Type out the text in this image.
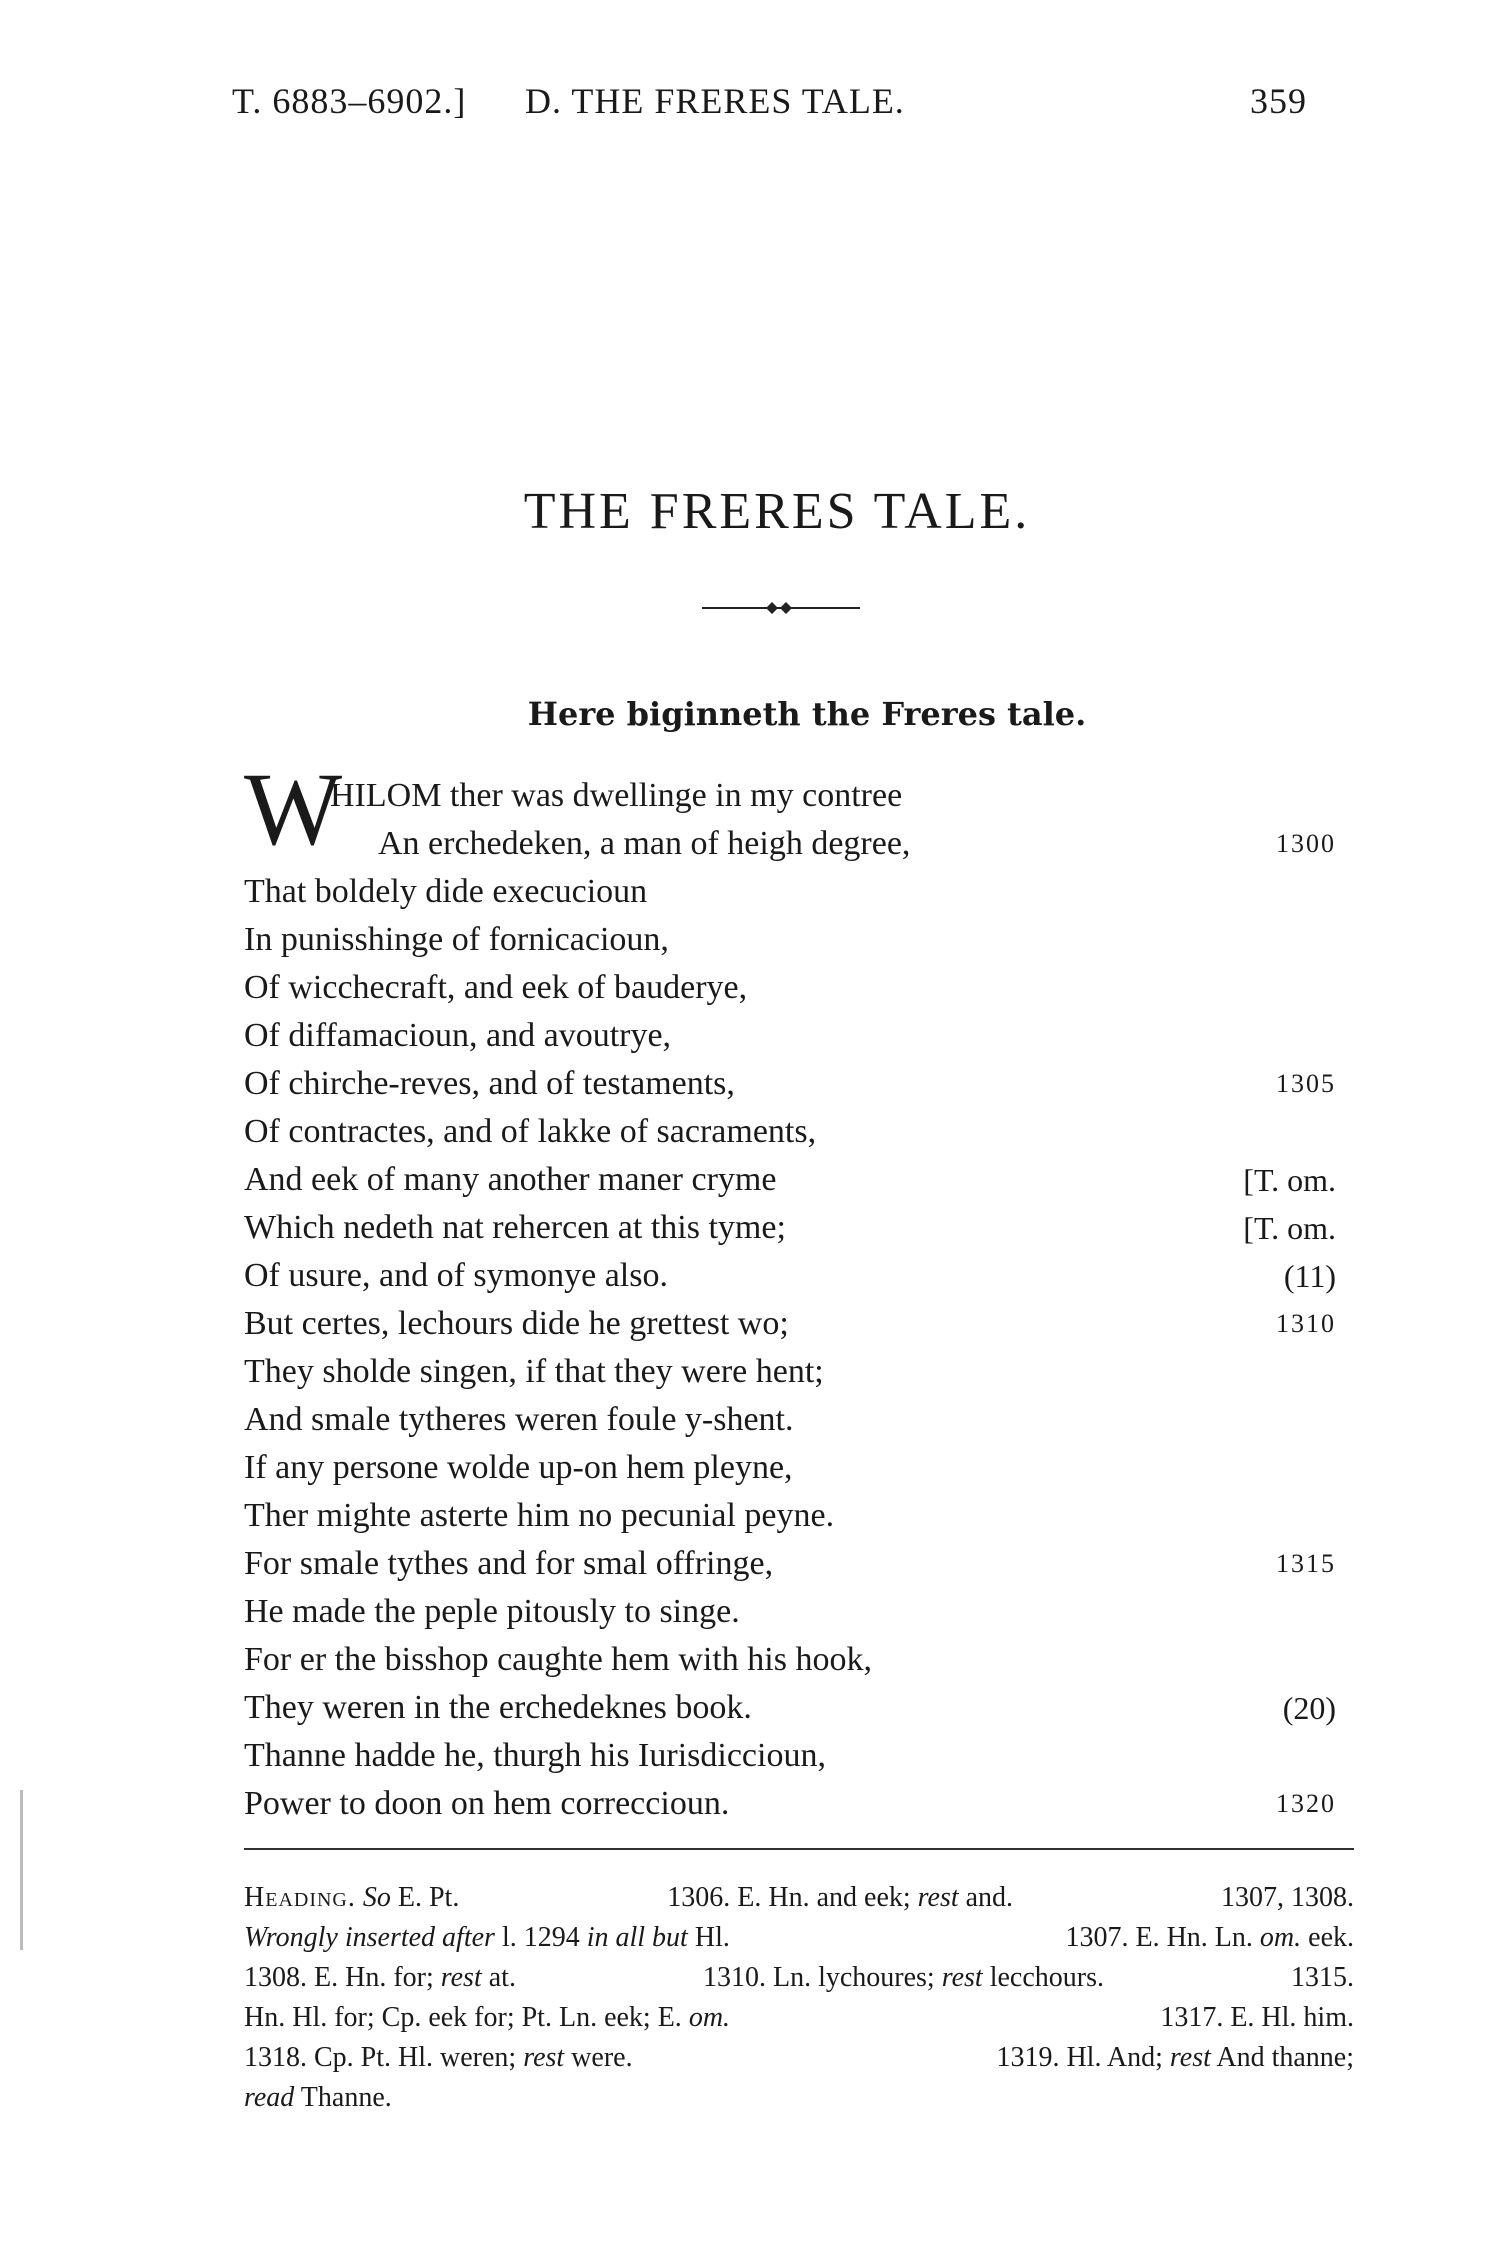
T. 6883–6902.] D. THE FRERES TALE.	359
THE FRERES TALE.
Here biginneth the Freres tale.
W
HILOM ther was dwellinge in my contree
An erchedeken, a man of heigh degree,	1300
That boldely dide execucioun
In punisshinge of fornicacioun,
Of wicchecraft, and eek of bauderye,
Of diffamacioun, and avoutrye,
Of chirche-reves, and of testaments,	1305
Of contractes, and of lakke of sacraments,
And eek of many another maner cryme	[T. om.
Which nedeth nat rehercen at this tyme;	[T. om.
Of usure, and of symonye also.	(11)
But certes, lechours dide he grettest wo;	1310
They sholde singen, if that they were hent;
And smale tytheres weren foule y-shent.
If any persone wolde up-on hem pleyne,
Ther mighte asterte him no pecunial peyne.
For smale tythes and for smal offringe,	1315
He made the peple pitously to singe.
For er the bisshop caughte hem with his hook,
They weren in the erchedeknes book.	(20)
Thanne hadde he, thurgh his Iurisdiccioun,
Power to doon on hem correccioun.	1320
Heading. So E. Pt.	1306. E. Hn. and eek; rest and.	1307, 1308.
Wrongly inserted after l. 1294 in all but Hl.	1307. E. Hn. Ln. om. eek.
1308. E. Hn. for; rest at.	1310. Ln. lychoures; rest lecchours.	1315.
Hn. Hl. for; Cp. eek for; Pt. Ln. eek; E. om.	1317. E. Hl. him.
1318. Cp. Pt. Hl. weren; rest were.	1319. Hl. And; rest And thanne;
read Thanne.
